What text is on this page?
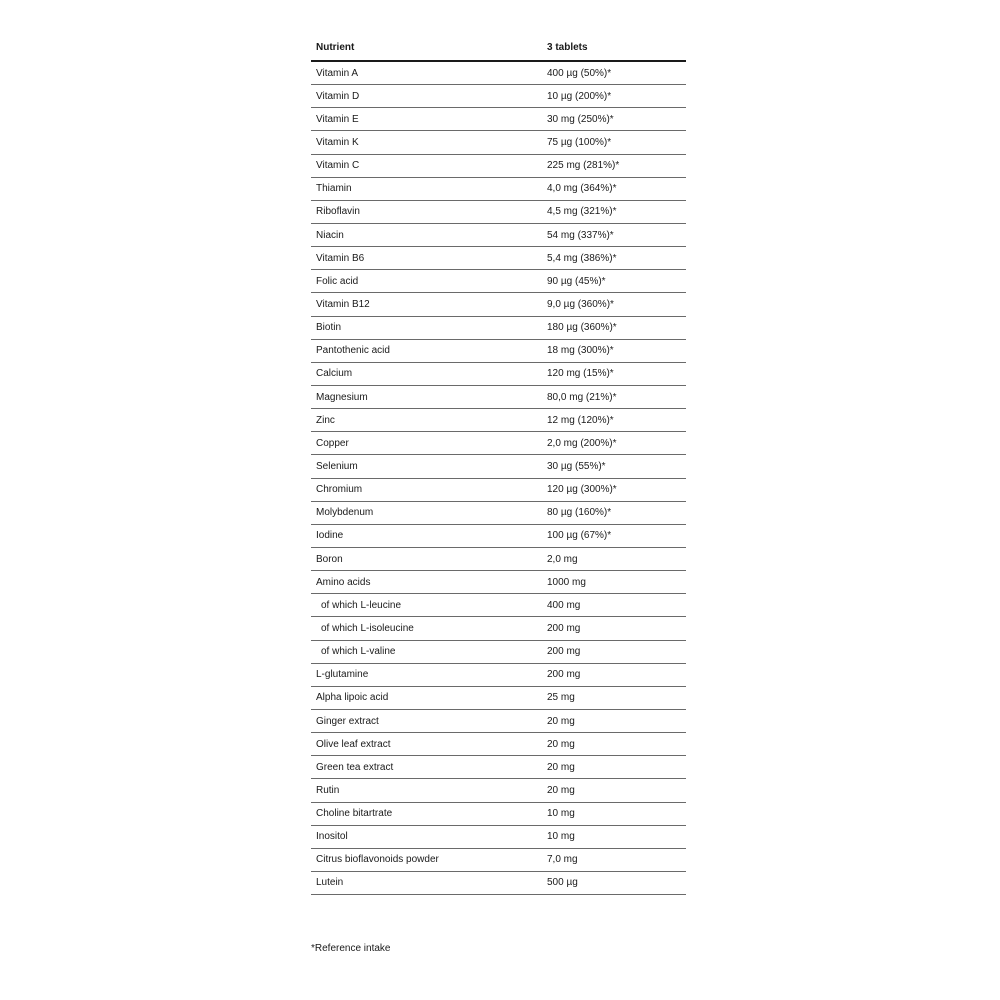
Nutrient	3 tablets
Vitamin A	400 µg (50%)*
Vitamin D	10 µg (200%)*
Vitamin E	30 mg (250%)*
Vitamin K	75 µg (100%)*
Vitamin C	225 mg (281%)*
Thiamin	4,0 mg (364%)*
Riboflavin	4,5 mg (321%)*
Niacin	54 mg (337%)*
Vitamin B6	5,4 mg (386%)*
Folic acid	90 µg (45%)*
Vitamin B12	9,0 µg (360%)*
Biotin	180 µg (360%)*
Pantothenic acid	18 mg (300%)*
Calcium	120 mg (15%)*
Magnesium	80,0 mg (21%)*
Zinc	12 mg (120%)*
Copper	2,0 mg (200%)*
Selenium	30 µg (55%)*
Chromium	120 µg (300%)*
Molybdenum	80 µg (160%)*
Iodine	100 µg (67%)*
Boron	2,0 mg
Amino acids	1000 mg
of which L-leucine	400 mg
of which L-isoleucine	200 mg
of which L-valine	200 mg
L-glutamine	200 mg
Alpha lipoic acid	25 mg
Ginger extract	20 mg
Olive leaf extract	20 mg
Green tea extract	20 mg
Rutin	20 mg
Choline bitartrate	10 mg
Inositol	10 mg
Citrus bioflavonoids powder	7,0 mg
Lutein	500 µg
*Reference intake
